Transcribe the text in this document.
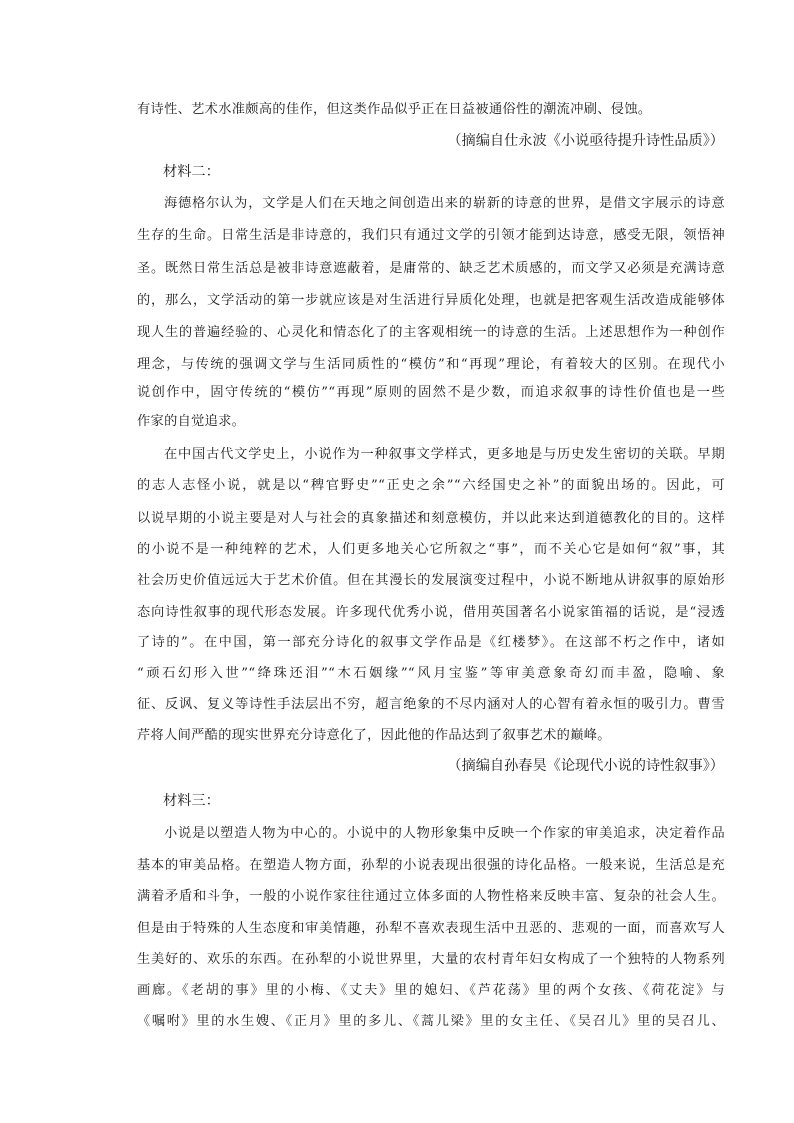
有诗性、艺术水准颇高的佳作，但这类作品似乎正在日益被通俗性的潮流冲刷、侵蚀。
（摘编自仕永波《小说亟待提升诗性品质》）
材料二：
海德格尔认为，文学是人们在天地之间创造出来的崭新的诗意的世界，是借文字展示的诗意
生存的生命。日常生活是非诗意的，我们只有通过文学的引领才能到达诗意，感受无限，领悟神
圣。既然日常生活总是被非诗意遮蔽着，是庸常的、缺乏艺术质感的，而文学又必须是充满诗意
的，那么，文学活动的第一步就应该是对生活进行异质化处理，也就是把客观生活改造成能够体
现人生的普遍经验的、心灵化和情态化了的主客观相统一的诗意的生活。上述思想作为一种创作
理念，与传统的强调文学与生活同质性的“模仿”和“再现”理论，有着较大的区别。在现代小
说创作中，固守传统的“模仿”“再现”原则的固然不是少数，而追求叙事的诗性价值也是一些
作家的自觉追求。
在中国古代文学史上，小说作为一种叙事文学样式，更多地是与历史发生密切的关联。早期
的志人志怪小说，就是以“稗官野史”“正史之余”“六经国史之补”的面貌出场的。因此，可
以说早期的小说主要是对人与社会的真象描述和刻意模仿，并以此来达到道德教化的目的。这样
的小说不是一种纯粹的艺术，人们更多地关心它所叙之“事”，而不关心它是如何“叙”事，其
社会历史价值远远大于艺术价值。但在其漫长的发展演变过程中，小说不断地从讲叙事的原始形
态向诗性叙事的现代形态发展。许多现代优秀小说，借用英国著名小说家笛福的话说，是“浸透
了诗的”。在中国，第一部充分诗化的叙事文学作品是《红楼梦》。在这部不朽之作中，诸如
“顽石幻形入世”“绛珠还泪”“木石姻缘”“风月宝鉴”等审美意象奇幻而丰盈，隐喻、象
征、反讽、复义等诗性手法层出不穷，超言绝象的不尽内涵对人的心智有着永恒的吸引力。曹雪
芹将人间严酷的现实世界充分诗意化了，因此他的作品达到了叙事艺术的巅峰。
（摘编自孙春昊《论现代小说的诗性叙事》）
材料三：
小说是以塑造人物为中心的。小说中的人物形象集中反映一个作家的审美追求，决定着作品
基本的审美品格。在塑造人物方面，孙犁的小说表现出很强的诗化品格。一般来说，生活总是充
满着矛盾和斗争，一般的小说作家往往通过立体多面的人物性格来反映丰富、复杂的社会人生。
但是由于特殊的人生态度和审美情趣，孙犁不喜欢表现生活中丑恶的、悲观的一面，而喜欢写人
生美好的、欢乐的东西。在孙犁的小说世界里，大量的农村青年妇女构成了一个独特的人物系列
画廊。《老胡的事》里的小梅、《丈夫》里的媳妇、《芦花荡》里的两个女孩、《荷花淀》与
《嘱咐》里的水生嫂、《正月》里的多儿、《蒿儿梁》里的女主任、《吴召儿》里的吴召儿、
